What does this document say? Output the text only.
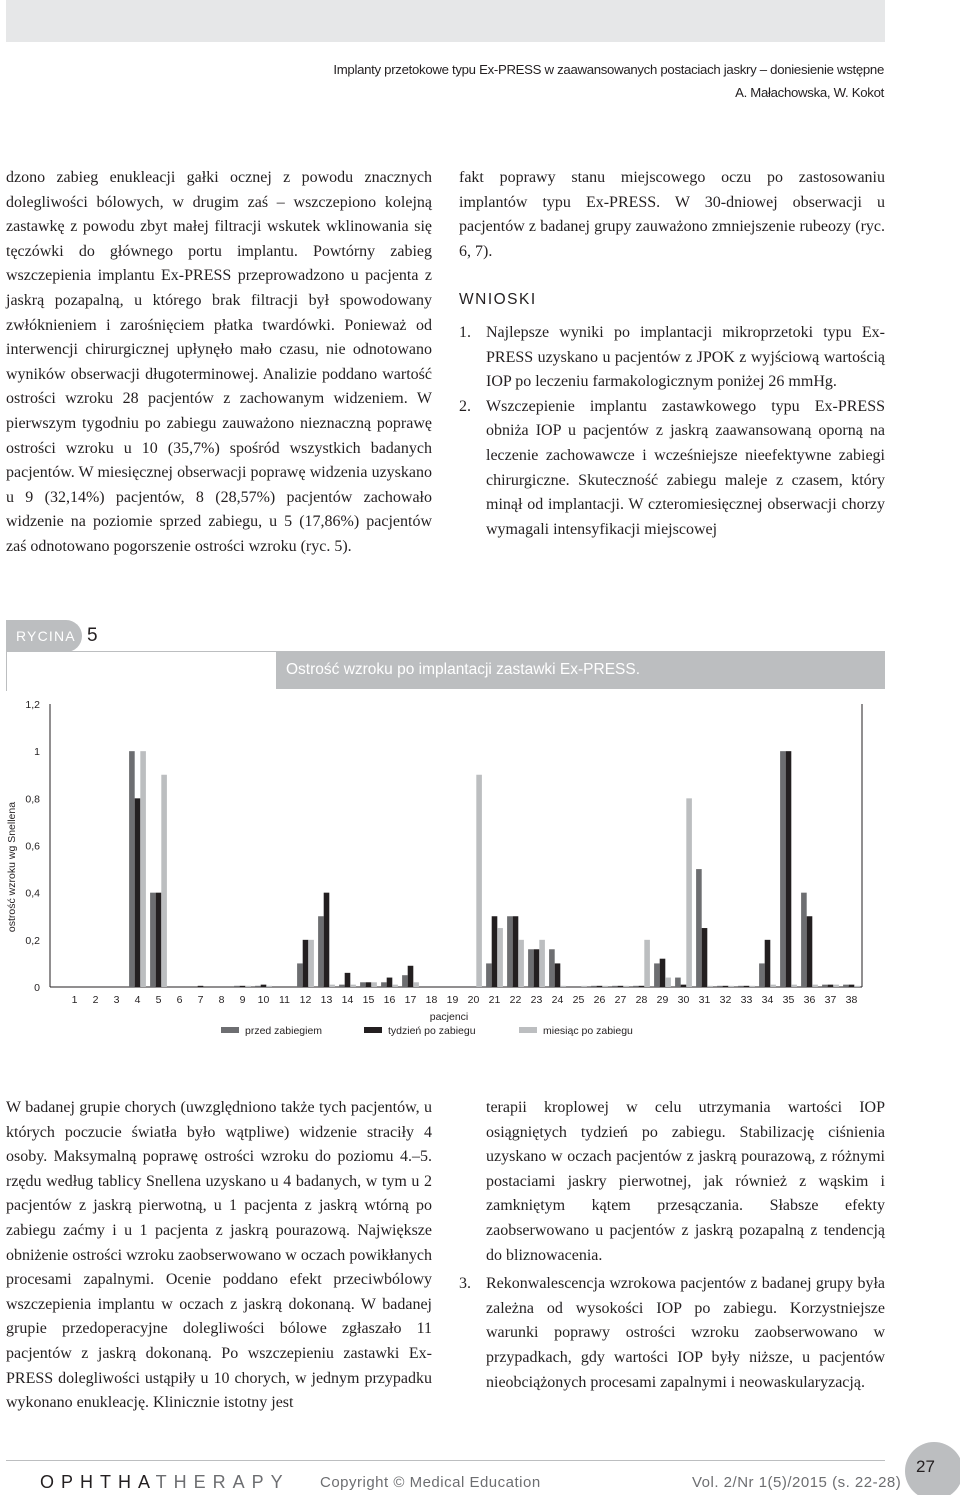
Implanty przetokowe typu Ex-PRESS w zaawansowanych postaciach jaskry – doniesienie wstępne
A. Małachowska, W. Kokot

dzono zabieg enukleacji gałki ocznej z powodu znacznych dolegliwości bólowych, w drugim zaś – wszczepiono kolejną zastawkę z powodu zbyt małej filtracji wskutek wklinowania się tęczówki do głównego portu implantu. Powtórny zabieg wszczepienia implantu Ex-PRESS przeprowadzono u pacjenta z jaskrą pozapalną, u którego brak filtracji był spowodowany zwłóknieniem i zarośnięciem płatka twardówki. Ponieważ od interwencji chirurgicznej upłynęło mało czasu, nie odnotowano wyników obserwacji długoterminowej. Analizie poddano wartość ostrości wzroku 28 pacjentów z zachowanym widzeniem. W pierwszym tygodniu po zabiegu zauważono nieznaczną poprawę ostrości wzroku u 10 (35,7%) spośród wszystkich badanych pacjentów. W miesięcznej obserwacji poprawę widzenia uzyskano u 9 (32,14%) pacjentów, 8 (28,57%) pacjentów zachowało widzenie na poziomie sprzed zabiegu, u 5 (17,86%) pacjentów zaś odnotowano pogorszenie ostrości wzroku (ryc. 5).

fakt poprawy stanu miejscowego oczu po zastosowaniu implantów typu Ex-PRESS. W 30-dniowej obserwacji u pacjentów z badanej grupy zauważono zmniejszenie rubeozy (ryc. 6, 7).

WNIOSKI
1. Najlepsze wyniki po implantacji mikroprzetoki typu Ex-PRESS uzyskano u pacjentów z JPOK z wyjściową wartością IOP po leczeniu farmakologicznym poniżej 26 mmHg.
2. Wszczepienie implantu zastawkowego typu Ex-PRESS obniża IOP u pacjentów z jaskrą zaawansowaną oporną na leczenie zachowawcze i wcześniejsze nieefektywne zabiegi chirurgiczne. Skuteczność zabiegu maleje z czasem, który minął od implantacji. W czteromiesięcznej obserwacji chorzy wymagali intensyfikacji miejscowej
RYCINA 5
Ostrość wzroku po implantacji zastawki Ex-PRESS.
0
0,2
0,4
0,6
0,8
1
1,2
ostrość wzroku wg Snellena
1 2 3 4 5 6 7 8 9 10 11 12 13 14 15 16 17 18 19 20 21 22 23 24 25 26 27 28 29 30 31 32 33 34 35 36 37 38
pacjenci
przed zabiegiem	tydzień po zabiegu	miesiąc po zabiegu

W badanej grupie chorych (uwzględniono także tych pacjentów, u których poczucie światła było wątpliwe) widzenie straciły 4 osoby. Maksymalną poprawę ostrości wzroku do poziomu 4.–5. rzędu według tablicy Snellena uzyskano u 4 badanych, w tym u 2 pacjentów z jaskrą pierwotną, u 1 pacjenta z jaskrą wtórną po zabiegu zaćmy i u 1 pacjenta z jaskrą pourazową. Największe obniżenie ostrości wzroku zaobserwowano w oczach powikłanych procesami zapalnymi. Ocenie poddano efekt przeciwbólowy wszczepienia implantu w oczach z jaskrą dokonaną. W badanej grupie przedoperacyjne dolegliwości bólowe zgłaszało 11 pacjentów z jaskrą dokonaną. Po wszczepieniu zastawki Ex-PRESS dolegliwości ustąpiły u 10 chorych, w jednym przypadku wykonano enukleację. Klinicznie istotny jest

terapii kroplowej w celu utrzymania wartości IOP osiągniętych tydzień po zabiegu. Stabilizację ciśnienia uzyskano w oczach pacjentów z jaskrą pourazową, z różnymi postaciami jaskry pierwotnej, jak również z wąskim i zamkniętym kątem przesączania. Słabsze efekty zaobserwowano u pacjentów z jaskrą pozapalną z tendencją do bliznowacenia.
3. Rekonwalescencja wzrokowa pacjentów z badanej grupy była zależna od wysokości IOP po zabiegu. Korzystniejsze warunki poprawy ostrości wzroku zaobserwowano w przypadkach, gdy wartości IOP były niższe, u pacjentów nieobciążonych procesami zapalnymi i neowaskularyzacją.
OPHTHATHERAPY Copyright © Medical Education	Vol. 2/Nr 1(5)/2015 (s. 22-28)
27
